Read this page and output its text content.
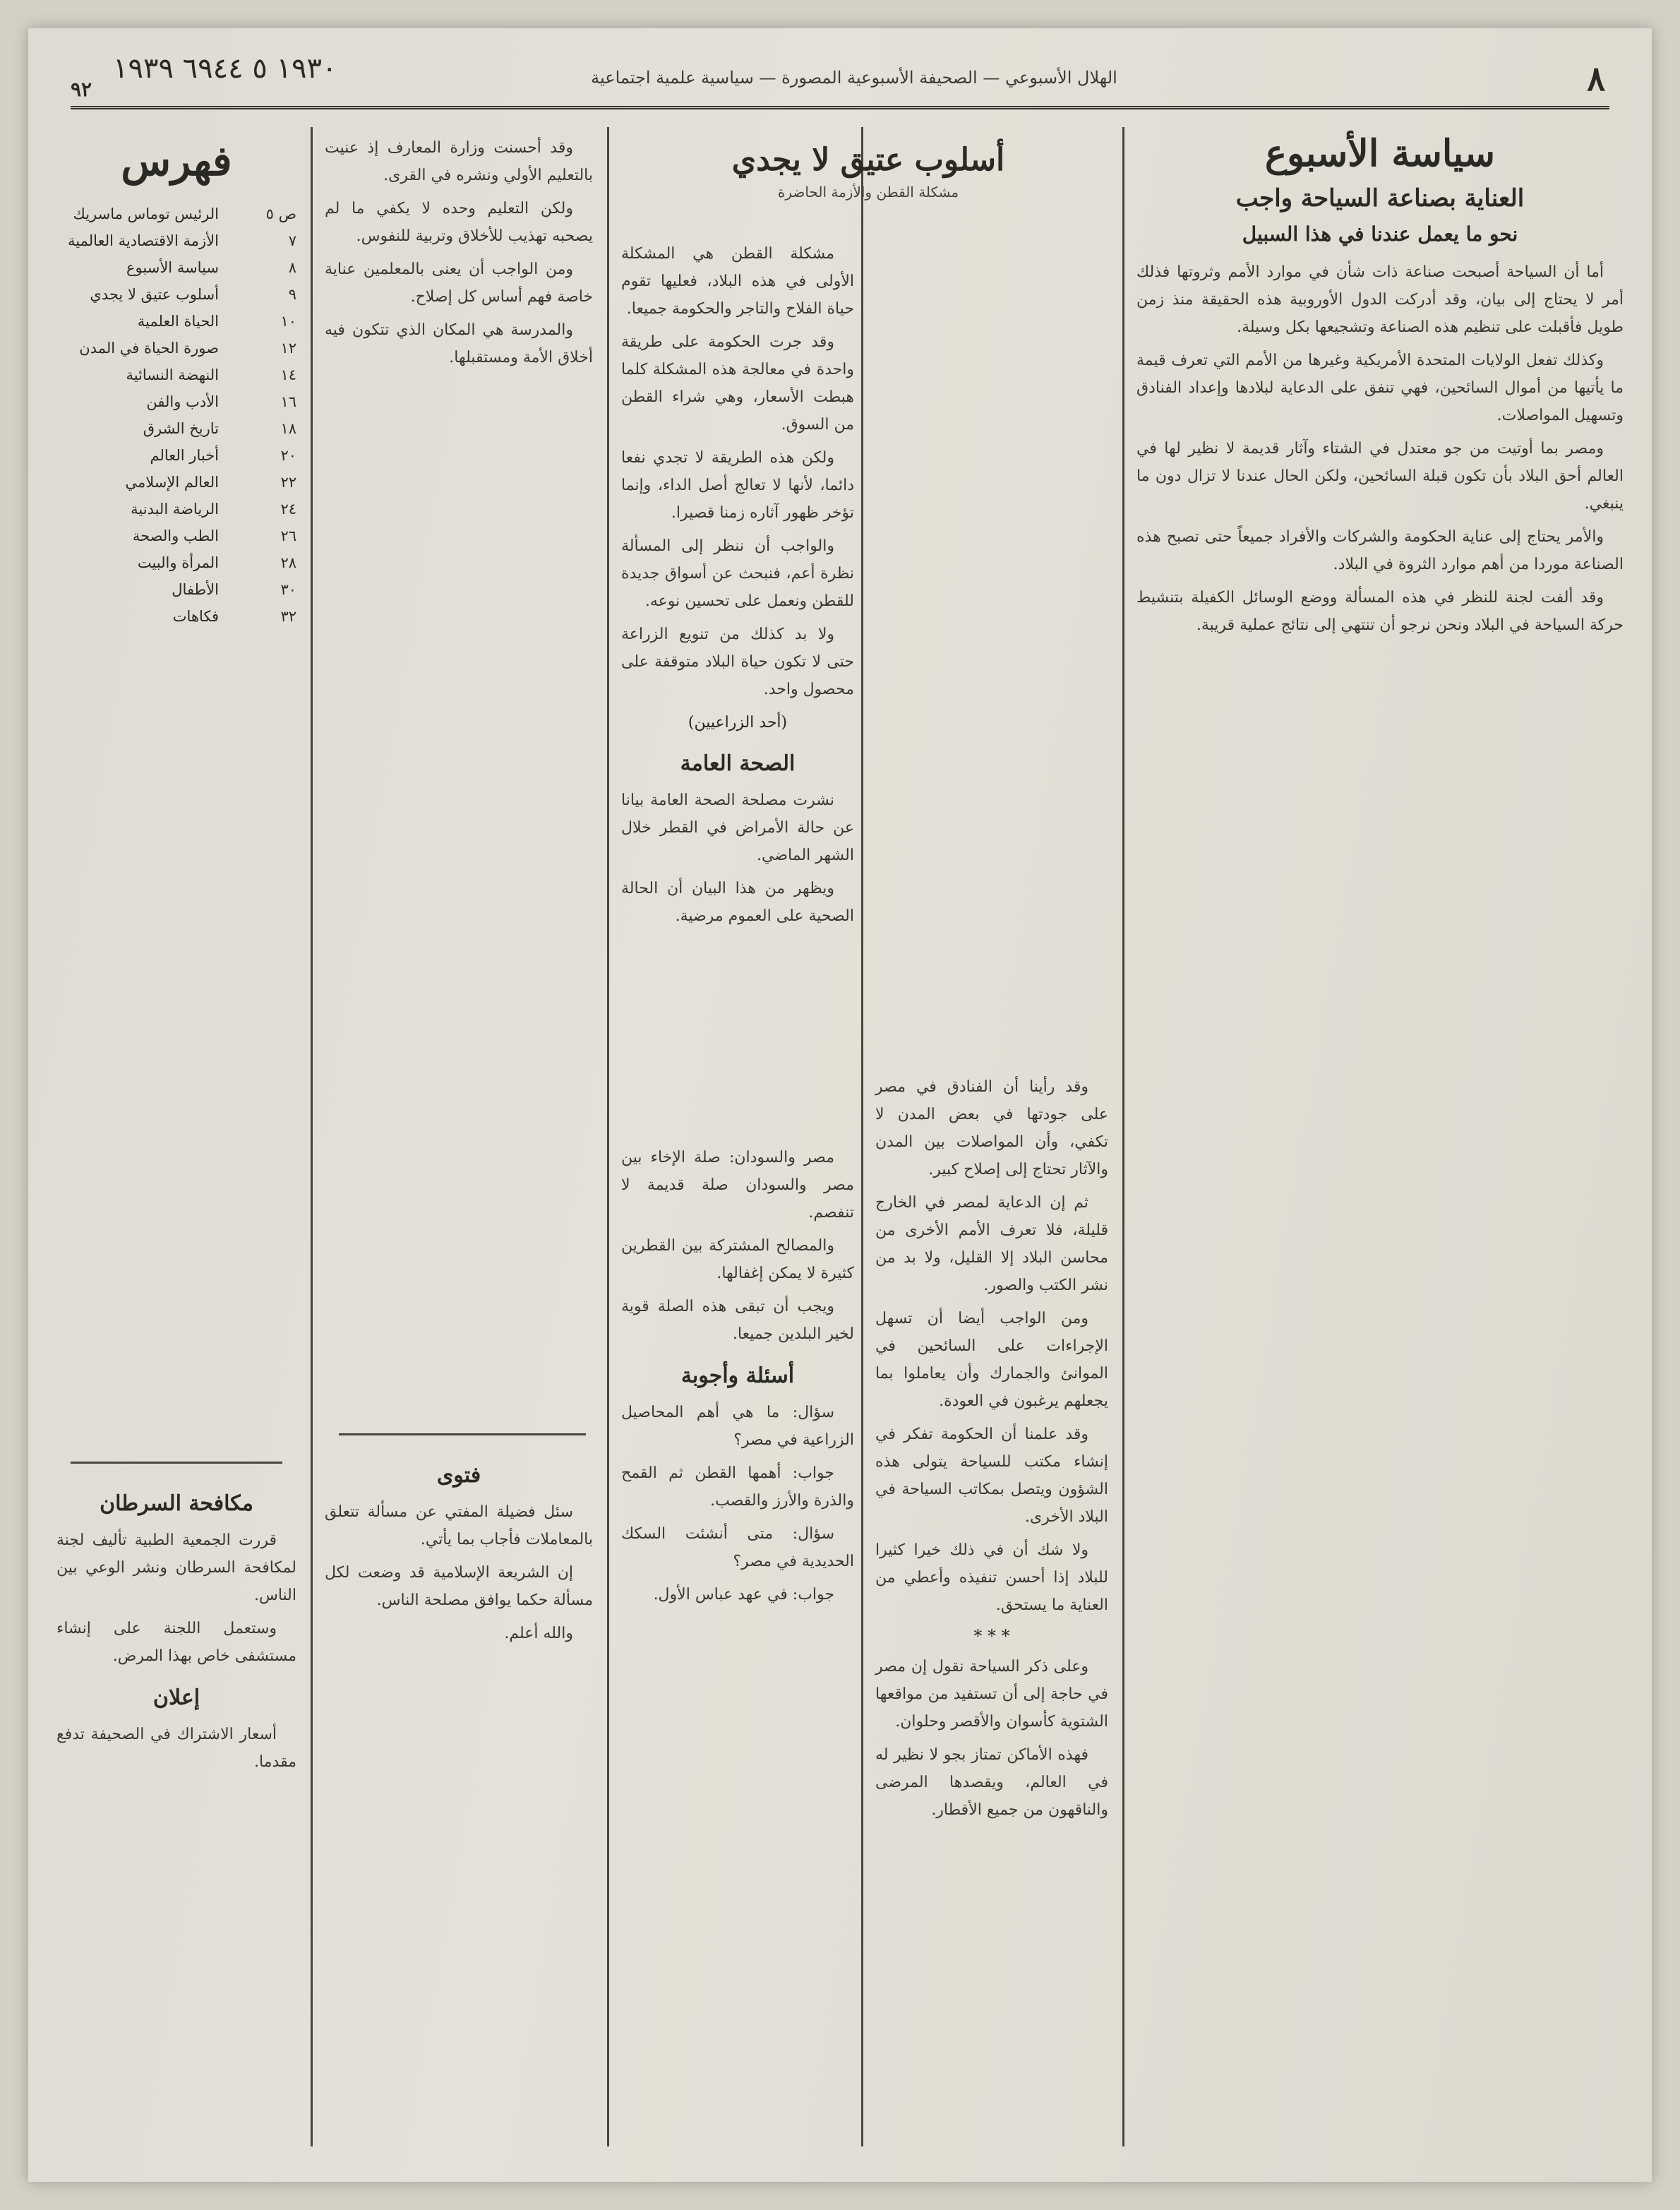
٨
الهلال الأسبوعي — الصحيفة الأسبوعية المصورة — سياسية علمية اجتماعية
١٩٣٠ ٥ ٦٩٤٤ ١٩٣٩
٩٢
سياسة الأسبوع
العناية بصناعة السياحة واجب
نحو ما يعمل عندنا في هذا السبيل

أما أن السياحة أصبحت صناعة ذات شأن في موارد الأمم وثروتها فذلك أمر لا يحتاج إلى بيان، وقد أدركت الدول الأوروبية هذه الحقيقة منذ زمن طويل فأقبلت على تنظيم هذه الصناعة وتشجيعها بكل وسيلة.

وكذلك تفعل الولايات المتحدة الأمريكية وغيرها من الأمم التي تعرف قيمة ما يأتيها من أموال السائحين، فهي تنفق على الدعاية لبلادها وإعداد الفنادق وتسهيل المواصلات.

ومصر بما أوتيت من جو معتدل في الشتاء وآثار قديمة لا نظير لها في العالم أحق البلاد بأن تكون قبلة السائحين، ولكن الحال عندنا لا تزال دون ما ينبغي.

والأمر يحتاج إلى عناية الحكومة والشركات والأفراد جميعاً حتى تصبح هذه الصناعة موردا من أهم موارد الثروة في البلاد.

وقد ألفت لجنة للنظر في هذه المسألة ووضع الوسائل الكفيلة بتنشيط حركة السياحة في البلاد ونحن نرجو أن تنتهي إلى نتائج عملية قريبة.

وقد رأينا أن الفنادق في مصر على جودتها في بعض المدن لا تكفي، وأن المواصلات بين المدن والآثار تحتاج إلى إصلاح كبير.

ثم إن الدعاية لمصر في الخارج قليلة، فلا تعرف الأمم الأخرى من محاسن البلاد إلا القليل، ولا بد من نشر الكتب والصور.

ومن الواجب أيضا أن تسهل الإجراءات على السائحين في الموانئ والجمارك وأن يعاملوا بما يجعلهم يرغبون في العودة.

وقد علمنا أن الحكومة تفكر في إنشاء مكتب للسياحة يتولى هذه الشؤون ويتصل بمكاتب السياحة في البلاد الأخرى.

ولا شك أن في ذلك خيرا كثيرا للبلاد إذا أحسن تنفيذه وأعطي من العناية ما يستحق.

* * *

وعلى ذكر السياحة نقول إن مصر في حاجة إلى أن تستفيد من مواقعها الشتوية كأسوان والأقصر وحلوان.

فهذه الأماكن تمتاز بجو لا نظير له في العالم، ويقصدها المرضى والناقهون من جميع الأقطار.

أسلوب عتيق لا يجدي
مشكلة القطن والأزمة الحاضرة

مشكلة القطن هي المشكلة الأولى في هذه البلاد، فعليها تقوم حياة الفلاح والتاجر والحكومة جميعا.

وقد جرت الحكومة على طريقة واحدة في معالجة هذه المشكلة كلما هبطت الأسعار، وهي شراء القطن من السوق.

ولكن هذه الطريقة لا تجدي نفعا دائما، لأنها لا تعالج أصل الداء، وإنما تؤخر ظهور آثاره زمنا قصيرا.

والواجب أن ننظر إلى المسألة نظرة أعم، فنبحث عن أسواق جديدة للقطن ونعمل على تحسين نوعه.

ولا بد كذلك من تنويع الزراعة حتى لا تكون حياة البلاد متوقفة على محصول واحد.

(أحد الزراعيين)
الصحة العامة

نشرت مصلحة الصحة العامة بيانا عن حالة الأمراض في القطر خلال الشهر الماضي.

ويظهر من هذا البيان أن الحالة الصحية على العموم مرضية.

وقد أحسنت وزارة المعارف إذ عنيت بالتعليم الأولي ونشره في القرى.

ولكن التعليم وحده لا يكفي ما لم يصحبه تهذيب للأخلاق وتربية للنفوس.

ومن الواجب أن يعنى بالمعلمين عناية خاصة فهم أساس كل إصلاح.

والمدرسة هي المكان الذي تتكون فيه أخلاق الأمة ومستقبلها.

فتوى

سئل فضيلة المفتي عن مسألة تتعلق بالمعاملات فأجاب بما يأتي.

إن الشريعة الإسلامية قد وضعت لكل مسألة حكما يوافق مصلحة الناس.

والله أعلم.

مصر والسودان: صلة الإخاء بين مصر والسودان صلة قديمة لا تنفصم.

والمصالح المشتركة بين القطرين كثيرة لا يمكن إغفالها.

ويجب أن تبقى هذه الصلة قوية لخير البلدين جميعا.

أسئلة وأجوبة

سؤال: ما هي أهم المحاصيل الزراعية في مصر؟

جواب: أهمها القطن ثم القمح والذرة والأرز والقصب.

سؤال: متى أنشئت السكك الحديدية في مصر؟

جواب: في عهد عباس الأول.

فهرس
ص ٥
الرئيس توماس ماسريك
٧
الأزمة الاقتصادية العالمية
٨
سياسة الأسبوع
٩
أسلوب عتيق لا يجدي
١٠
الحياة العلمية
١٢
صورة الحياة في المدن
١٤
النهضة النسائية
١٦
الأدب والفن
١٨
تاريخ الشرق
٢٠
أخبار العالم
٢٢
العالم الإسلامي
٢٤
الرياضة البدنية
٢٦
الطب والصحة
٢٨
المرأة والبيت
٣٠
الأطفال
٣٢
فكاهات
مكافحة السرطان

قررت الجمعية الطبية تأليف لجنة لمكافحة السرطان ونشر الوعي بين الناس.

وستعمل اللجنة على إنشاء مستشفى خاص بهذا المرض.

إعلان

أسعار الاشتراك في الصحيفة تدفع مقدما.
